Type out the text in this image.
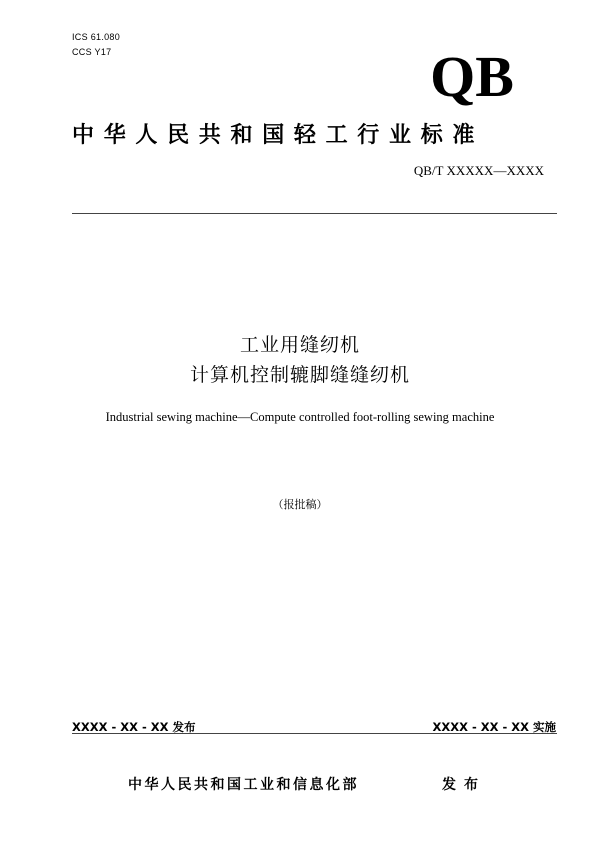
ICS 61.080
CCS Y17	QB
中华人民共和国轻工行业标准
QB/T XXXXX—XXXX
工业用缝纫机
计算机控制辘脚缝缝纫机
Industrial sewing machine—Compute controlled foot-rolling sewing machine
（报批稿）
XXXX - XX - XX 发布	XXXX - XX - XX 实施
中华人民共和国工业和信息化部	发布
